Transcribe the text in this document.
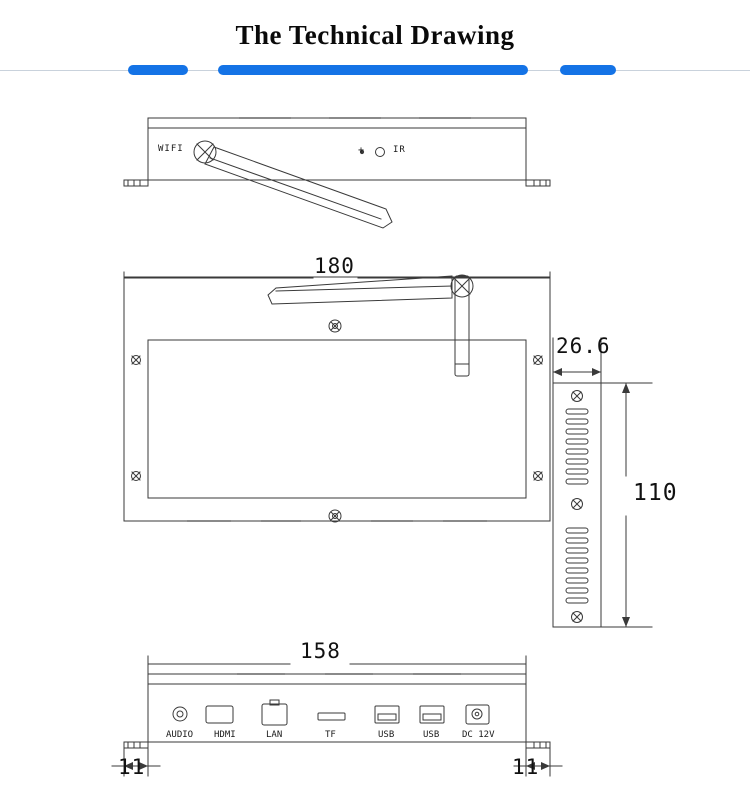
The Technical Drawing
WIFI	+	IR
180
26.6
110
158
11	11
AUDIO HDMI	LAN	TF	USB	USB	DC 12V
